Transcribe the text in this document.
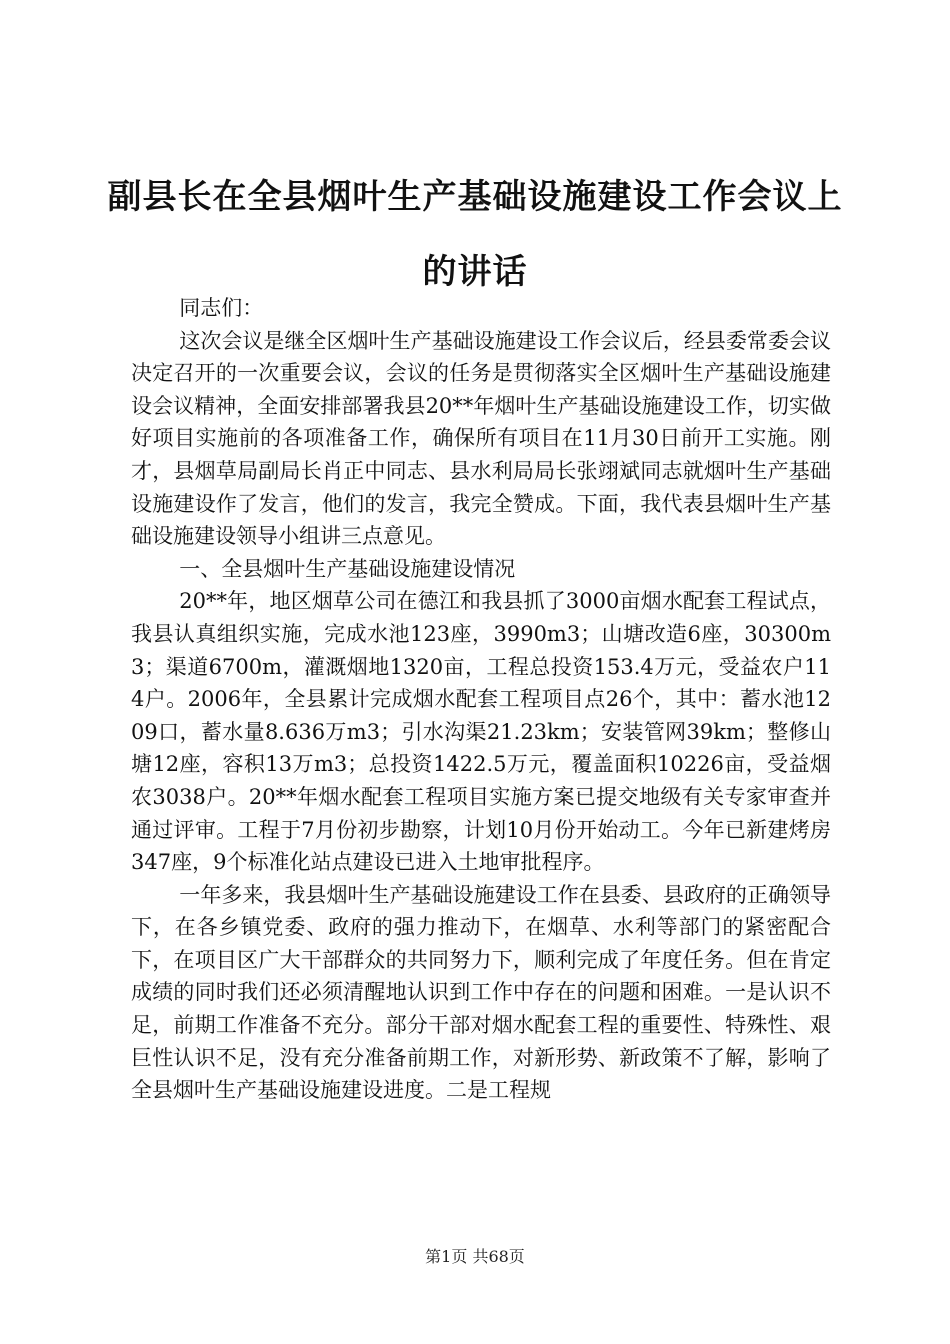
副县长在全县烟叶生产基础设施建设工作会议上的讲话

同志们：

这次会议是继全区烟叶生产基础设施建设工作会议后，经县委常委会议决定召开的一次重要会议，会议的任务是贯彻落实全区烟叶生产基础设施建设会议精神，全面安排部署我县20**年烟叶生产基础设施建设工作，切实做好项目实施前的各项准备工作，确保所有项目在11月30日前开工实施。刚才，县烟草局副局长肖正中同志、县水利局局长张翊斌同志就烟叶生产基础设施建设作了发言，他们的发言，我完全赞成。下面，我代表县烟叶生产基础设施建设领导小组讲三点意见。

一、全县烟叶生产基础设施建设情况

20**年，地区烟草公司在德江和我县抓了3000亩烟水配套工程试点，我县认真组织实施，完成水池123座，3990m3；山塘改造6座，30300m3；渠道6700m，灌溉烟地1320亩，工程总投资153.4万元，受益农户114户。2006年，全县累计完成烟水配套工程项目点26个，其中：蓄水池1209口，蓄水量8.636万m3；引水沟渠21.23km；安装管网39km；整修山塘12座，容积13万m3；总投资1422.5万元，覆盖面积10226亩，受益烟农3038户。20**年烟水配套工程项目实施方案已提交地级有关专家审查并通过评审。工程于7月份初步勘察，计划10月份开始动工。今年已新建烤房347座，9个标准化站点建设已进入土地审批程序。

一年多来，我县烟叶生产基础设施建设工作在县委、县政府的正确领导下，在各乡镇党委、政府的强力推动下，在烟草、水利等部门的紧密配合下，在项目区广大干部群众的共同努力下，顺利完成了年度任务。但在肯定成绩的同时我们还必须清醒地认识到工作中存在的问题和困难。一是认识不足，前期工作准备不充分。部分干部对烟水配套工程的重要性、特殊性、艰巨性认识不足，没有充分准备前期工作，对新形势、新政策不了解，影响了全县烟叶生产基础设施建设进度。二是工程规

第1页 共68页
